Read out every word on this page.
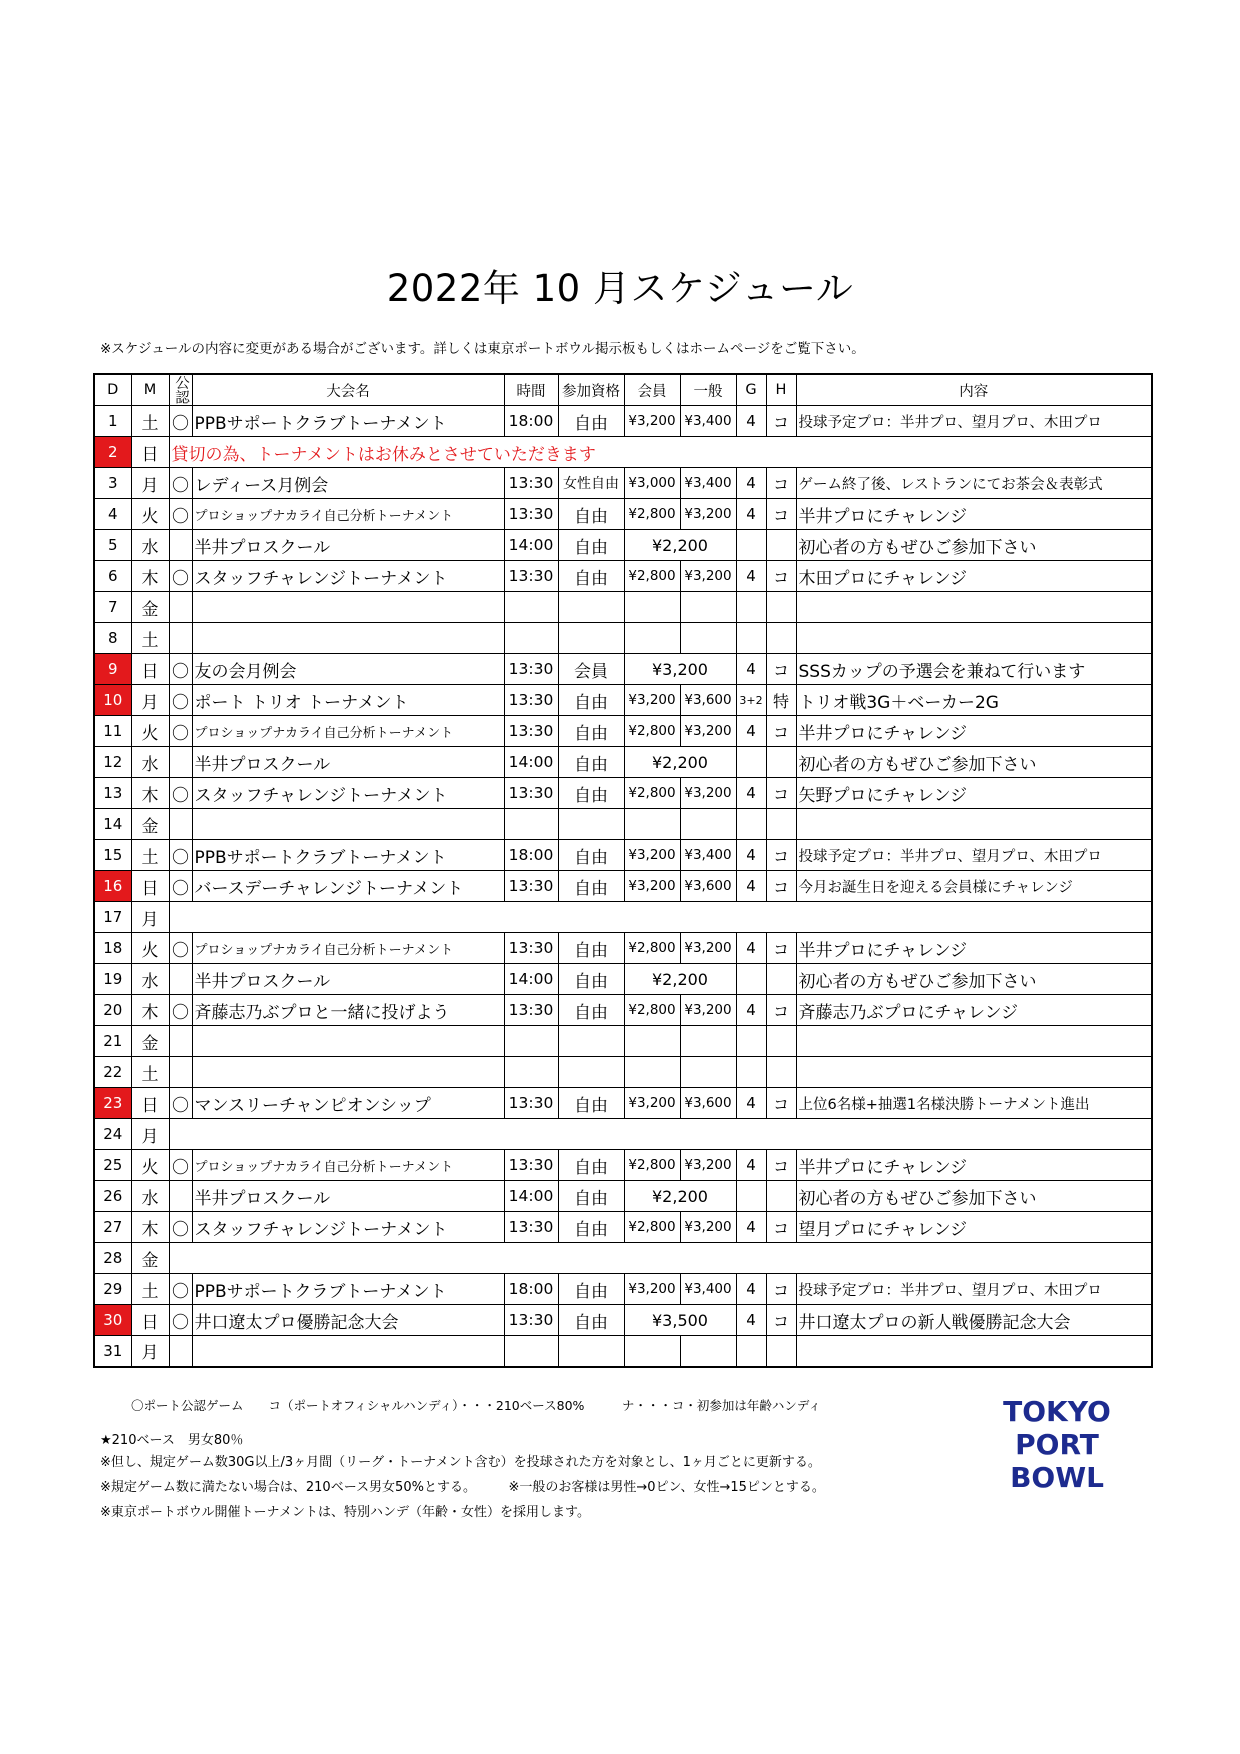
2022年 10 月スケジュール
※スケジュールの内容に変更がある場合がございます。詳しくは東京ポートボウル掲示板もしくはホームページをご覧下さい。
D	M	公認	大会名	時間	参加資格	会員	一般	G	H	内容
1	土	〇	PPBサポートクラブトーナメント	18:00	自由	¥3,200	¥3,400	4	コ	投球予定プロ：半井プロ、望月プロ、木田プロ
2	日	貸切の為、トーナメントはお休みとさせていただきます								
3	月	〇	レディース月例会	13:30	女性自由	¥3,000	¥3,400	4	コ	ゲーム終了後、レストランにてお茶会＆表彰式
4	火	〇	プロショップナカライ自己分析トーナメント	13:30	自由	¥2,800	¥3,200	4	コ	半井プロにチャレンジ
5	水		半井プロスクール	14:00	自由	¥2,200				初心者の方もぜひご参加下さい
6	木	〇	スタッフチャレンジトーナメント	13:30	自由	¥2,800	¥3,200	4	コ	木田プロにチャレンジ
7	金									
8	土									
9	日	〇	友の会月例会	13:30	会員	¥3,200		4	コ	SSSカップの予選会を兼ねて行います
10	月	〇	ポート トリオ トーナメント	13:30	自由	¥3,200	¥3,600	3+2	特	トリオ戦3G＋ベーカー2G
11	火	〇	プロショップナカライ自己分析トーナメント	13:30	自由	¥2,800	¥3,200	4	コ	半井プロにチャレンジ
12	水		半井プロスクール	14:00	自由	¥2,200				初心者の方もぜひご参加下さい
13	木	〇	スタッフチャレンジトーナメント	13:30	自由	¥2,800	¥3,200	4	コ	矢野プロにチャレンジ
14	金									
15	土	〇	PPBサポートクラブトーナメント	18:00	自由	¥3,200	¥3,400	4	コ	投球予定プロ：半井プロ、望月プロ、木田プロ
16	日	〇	バースデーチャレンジトーナメント	13:30	自由	¥3,200	¥3,600	4	コ	今月お誕生日を迎える会員様にチャレンジ
17	月									
18	火	〇	プロショップナカライ自己分析トーナメント	13:30	自由	¥2,800	¥3,200	4	コ	半井プロにチャレンジ
19	水		半井プロスクール	14:00	自由	¥2,200				初心者の方もぜひご参加下さい
20	木	〇	斉藤志乃ぶプロと一緒に投げよう	13:30	自由	¥2,800	¥3,200	4	コ	斉藤志乃ぶプロにチャレンジ
21	金									
22	土									
23	日	〇	マンスリーチャンピオンシップ	13:30	自由	¥3,200	¥3,600	4	コ	上位6名様+抽選1名様決勝トーナメント進出
24	月									
25	火	〇	プロショップナカライ自己分析トーナメント	13:30	自由	¥2,800	¥3,200	4	コ	半井プロにチャレンジ
26	水		半井プロスクール	14:00	自由	¥2,200				初心者の方もぜひご参加下さい
27	木	〇	スタッフチャレンジトーナメント	13:30	自由	¥2,800	¥3,200	4	コ	望月プロにチャレンジ
28	金									
29	土	〇	PPBサポートクラブトーナメント	18:00	自由	¥3,200	¥3,400	4	コ	投球予定プロ：半井プロ、望月プロ、木田プロ
30	日	〇	井口遼太プロ優勝記念大会	13:30	自由	¥3,500		4	コ	井口遼太プロの新人戦優勝記念大会
31	月									
〇ポート公認ゲーム　　コ（ポートオフィシャルハンディ）・・・210ベース80%　　　ナ・・・コ・初参加は年齢ハンディ
★210ベース　男女80％
※但し、規定ゲーム数30G以上/3ヶ月間（リーグ・トーナメント含む）を投球された方を対象とし、1ヶ月ごとに更新する。
※規定ゲーム数に満たない場合は、210ベース男女50%とする。　　　※一般のお客様は男性→0ピン、女性→15ピンとする。
※東京ポートボウル開催トーナメントは、特別ハンデ（年齢・女性）を採用します。
TOKYO
PORT
BOWL
